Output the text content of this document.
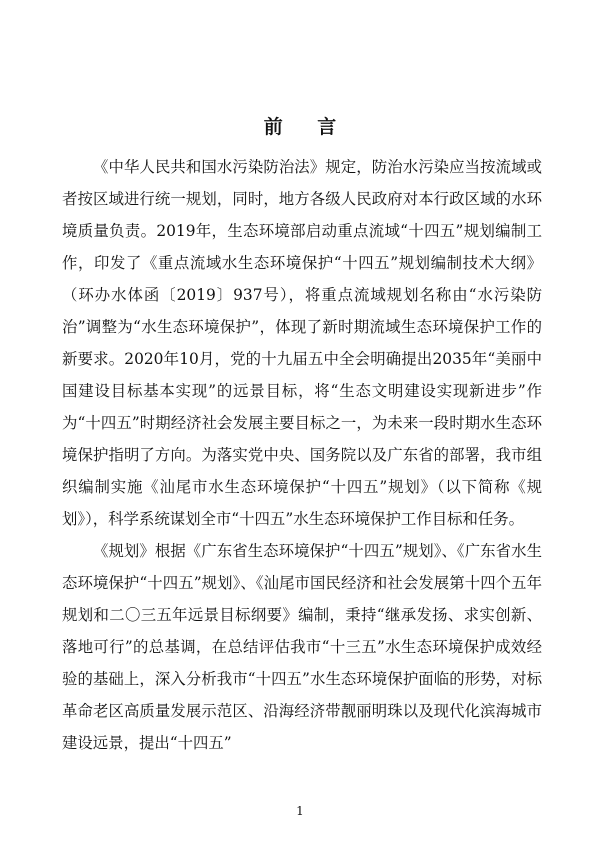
前 言

《中华人民共和国水污染防治法》规定，防治水污染应当按流域或者按区域进行统一规划，同时，地方各级人民政府对本行政区域的水环境质量负责。2019年，生态环境部启动重点流域“十四五”规划编制工作，印发了《重点流域水生态环境保护“十四五”规划编制技术大纲》（环办水体函〔2019〕937号），将重点流域规划名称由“水污染防治”调整为“水生态环境保护”，体现了新时期流域生态环境保护工作的新要求。2020年10月，党的十九届五中全会明确提出2035年“美丽中国建设目标基本实现”的远景目标，将“生态文明建设实现新进步”作为“十四五”时期经济社会发展主要目标之一，为未来一段时期水生态环境保护指明了方向。为落实党中央、国务院以及广东省的部署，我市组织编制实施《汕尾市水生态环境保护“十四五”规划》（以下简称《规划》），科学系统谋划全市“十四五”水生态环境保护工作目标和任务。

《规划》根据《广东省生态环境保护“十四五”规划》、《广东省水生态环境保护“十四五”规划》、《汕尾市国民经济和社会发展第十四个五年规划和二〇三五年远景目标纲要》编制，秉持“继承发扬、求实创新、落地可行”的总基调，在总结评估我市“十三五”水生态环境保护成效经验的基础上，深入分析我市“十四五”水生态环境保护面临的形势，对标革命老区高质量发展示范区、沿海经济带靓丽明珠以及现代化滨海城市建设远景，提出“十四五”

1
